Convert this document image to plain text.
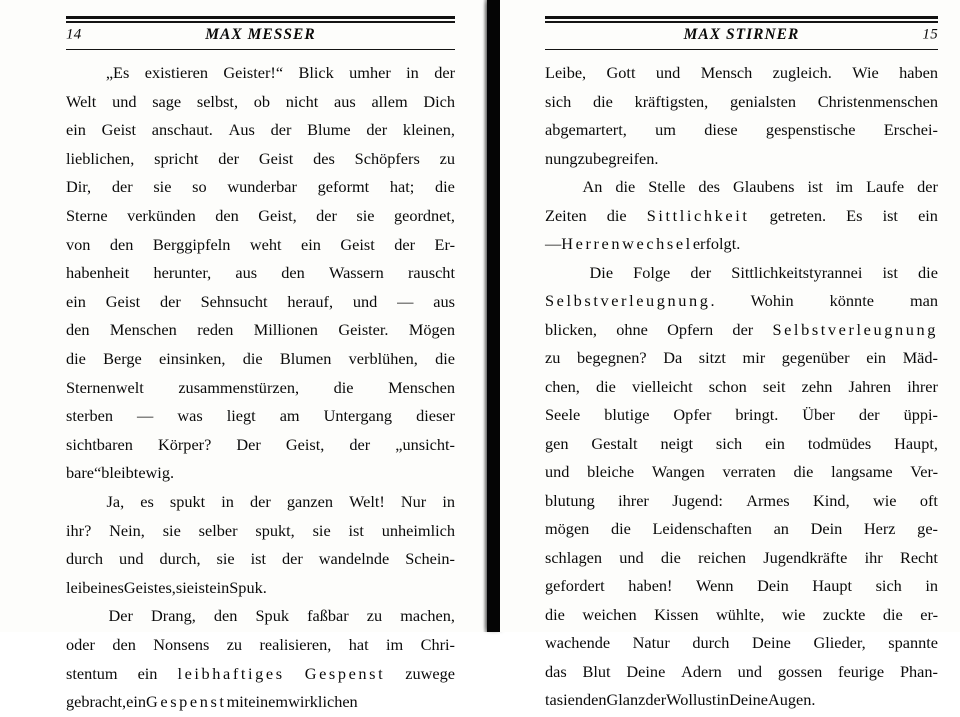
14	MAX MESSER
„Es existieren Geister!“ Blick umher in der
Welt und sage selbst, ob nicht aus allem Dich
ein Geist anschaut. Aus der Blume der kleinen,
lieblichen, spricht der Geist des Schöpfers zu
Dir, der sie so wunderbar geformt hat; die
Sterne verkünden den Geist, der sie geordnet,
von den Berggipfeln weht ein Geist der Er-
habenheit herunter, aus den Wassern rauscht
ein Geist der Sehnsucht herauf, und — aus
den Menschen reden Millionen Geister. Mögen
die Berge einsinken, die Blumen verblühen, die
Sternenwelt zusammenstürzen, die Menschen
sterben — was liegt am Untergang dieser
sichtbaren Körper? Der Geist, der „unsicht-
bare“ bleibt ewig.
Ja, es spukt in der ganzen Welt! Nur in
ihr? Nein, sie selber spukt, sie ist unheimlich
durch und durch, sie ist der wandelnde Schein-
leib eines Geistes, sie ist ein Spuk.
Der Drang, den Spuk faßbar zu machen,
oder den Nonsens zu realisieren, hat im Chri-
stentum ein leibhaftiges Gespenst zuwege
gebracht, ein Gespenst mit einem wirklichen
MAX STIRNER	15
Leibe, Gott und Mensch zugleich. Wie haben
sich die kräftigsten, genialsten Christenmenschen
abgemartert, um diese gespenstische Erschei-
nung zu begreifen.
An die Stelle des Glaubens ist im Laufe der
Zeiten die Sittlichkeit getreten. Es ist ein
— Herrenwechsel erfolgt.
Die Folge der Sittlichkeitstyrannei ist die
Selbstverleugnung. Wohin könnte man
blicken, ohne Opfern der Selbstverleugnung
zu begegnen? Da sitzt mir gegenüber ein Mäd-
chen, die vielleicht schon seit zehn Jahren ihrer
Seele blutige Opfer bringt. Über der üppi-
gen Gestalt neigt sich ein todmüdes Haupt,
und bleiche Wangen verraten die langsame Ver-
blutung ihrer Jugend: Armes Kind, wie oft
mögen die Leidenschaften an Dein Herz ge-
schlagen und die reichen Jugendkräfte ihr Recht
gefordert haben! Wenn Dein Haupt sich in
die weichen Kissen wühlte, wie zuckte die er-
wachende Natur durch Deine Glieder, spannte
das Blut Deine Adern und gossen feurige Phan-
tasien den Glanz der Wollust in Deine Augen.
